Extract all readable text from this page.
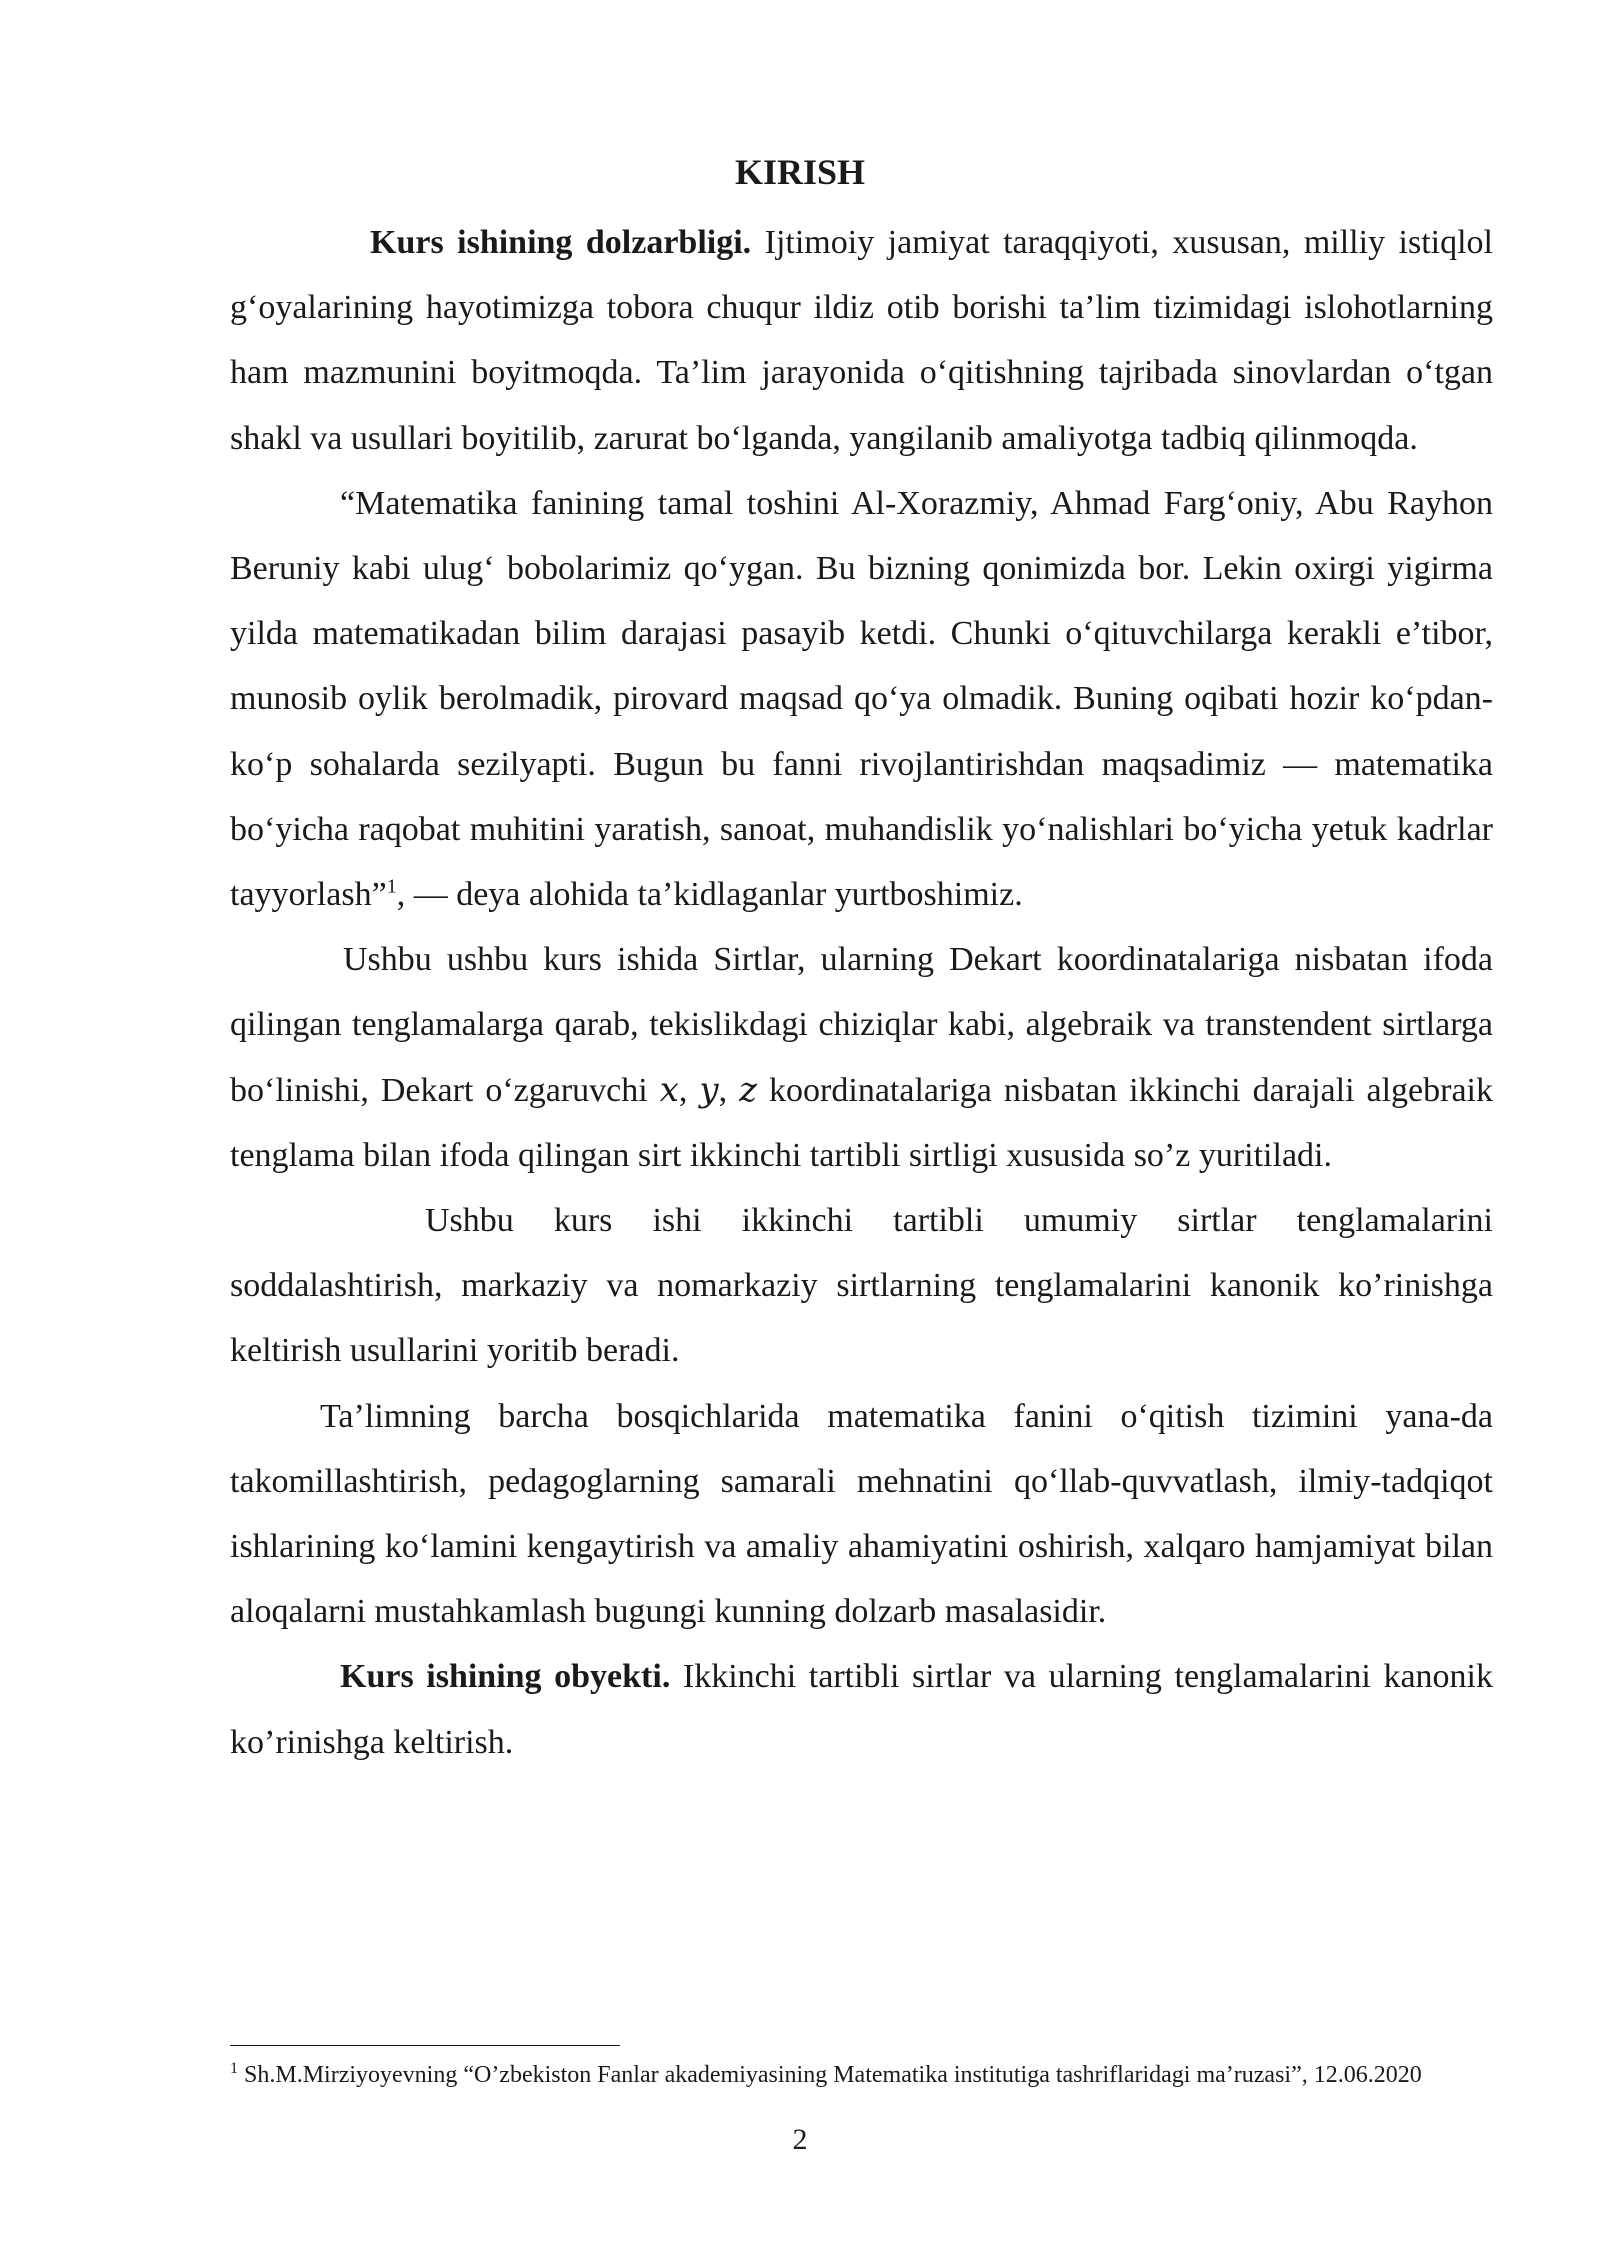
KIRISH

Kurs ishining dolzarbligi. Ijtimoiy jamiyat taraqqiyoti, xususan, milliy istiqlol g‘oyalarining hayotimizga tobora chuqur ildiz otib borishi ta’lim tizimidagi islohotlarning ham mazmunini boyitmoqda. Ta’lim jarayonida o‘qitishning tajribada sinovlardan o‘tgan shakl va usullari boyitilib, zarurat bo‘lganda, yangilanib amaliyotga tadbiq qilinmoqda.

“Matematika fanining tamal toshini Al-Xorazmiy, Ahmad Farg‘oniy, Abu Rayhon Beruniy kabi ulug‘ bobolarimiz qo‘ygan. Bu bizning qonimizda bor. Lekin oxirgi yigirma yilda matematikadan bilim darajasi pasayib ketdi. Chunki o‘qituvchilarga kerakli e’tibor, munosib oylik berolmadik, pirovard maqsad qo‘ya olmadik. Buning oqibati hozir ko‘pdan-ko‘p sohalarda sezilyapti. Bugun bu fanni rivojlantirishdan maqsadimiz — matematika bo‘yicha raqobat muhitini yaratish, sanoat, muhandislik yo‘nalishlari bo‘yicha yetuk kadrlar tayyorlash”$^1$, — deya alohida ta’kidlaganlar yurtboshimiz.

Ushbu ushbu kurs ishida Sirtlar, ularning Dekart koordinatalariga nisbatan ifoda qilingan tenglamalarga qarab, tekislikdagi chiziqlar kabi, algebraik va transtendent sirtlarga bo‘linishi, Dekart o‘zgaruvchi x, y, z koordinatalariga nisbatan ikkinchi darajali algebraik tenglama bilan ifoda qilingan sirt ikkinchi tartibli sirtligi xususida so’z yuritiladi.

Ushbu kurs ishi ikkinchi tartibli umumiy sirtlar tenglamalarini soddalashtirish, markaziy va nomarkaziy sirtlarning tenglamalarini kanonik ko’rinishga keltirish usullarini yoritib beradi.

Ta’limning barcha bosqichlarida matematika fanini o‘qitish tizimini yana-da takomillashtirish, pedagoglarning samarali mehnatini qo‘llab-quvvatlash, ilmiy-tadqiqot ishlarining ko‘lamini kengaytirish va amaliy ahamiyatini oshirish, xalqaro hamjamiyat bilan aloqalarni mustahkamlash bugungi kunning dolzarb masalasidir.

Kurs ishining obyekti. Ikkinchi tartibli sirtlar va ularning tenglamalarini kanonik ko’rinishga keltirish.

$^1$ Sh.M.Mirziyoyevning “O’zbekiston Fanlar akademiyasining Matematika institutiga tashriflaridagi ma’ruzasi”, 12.06.2020
2
